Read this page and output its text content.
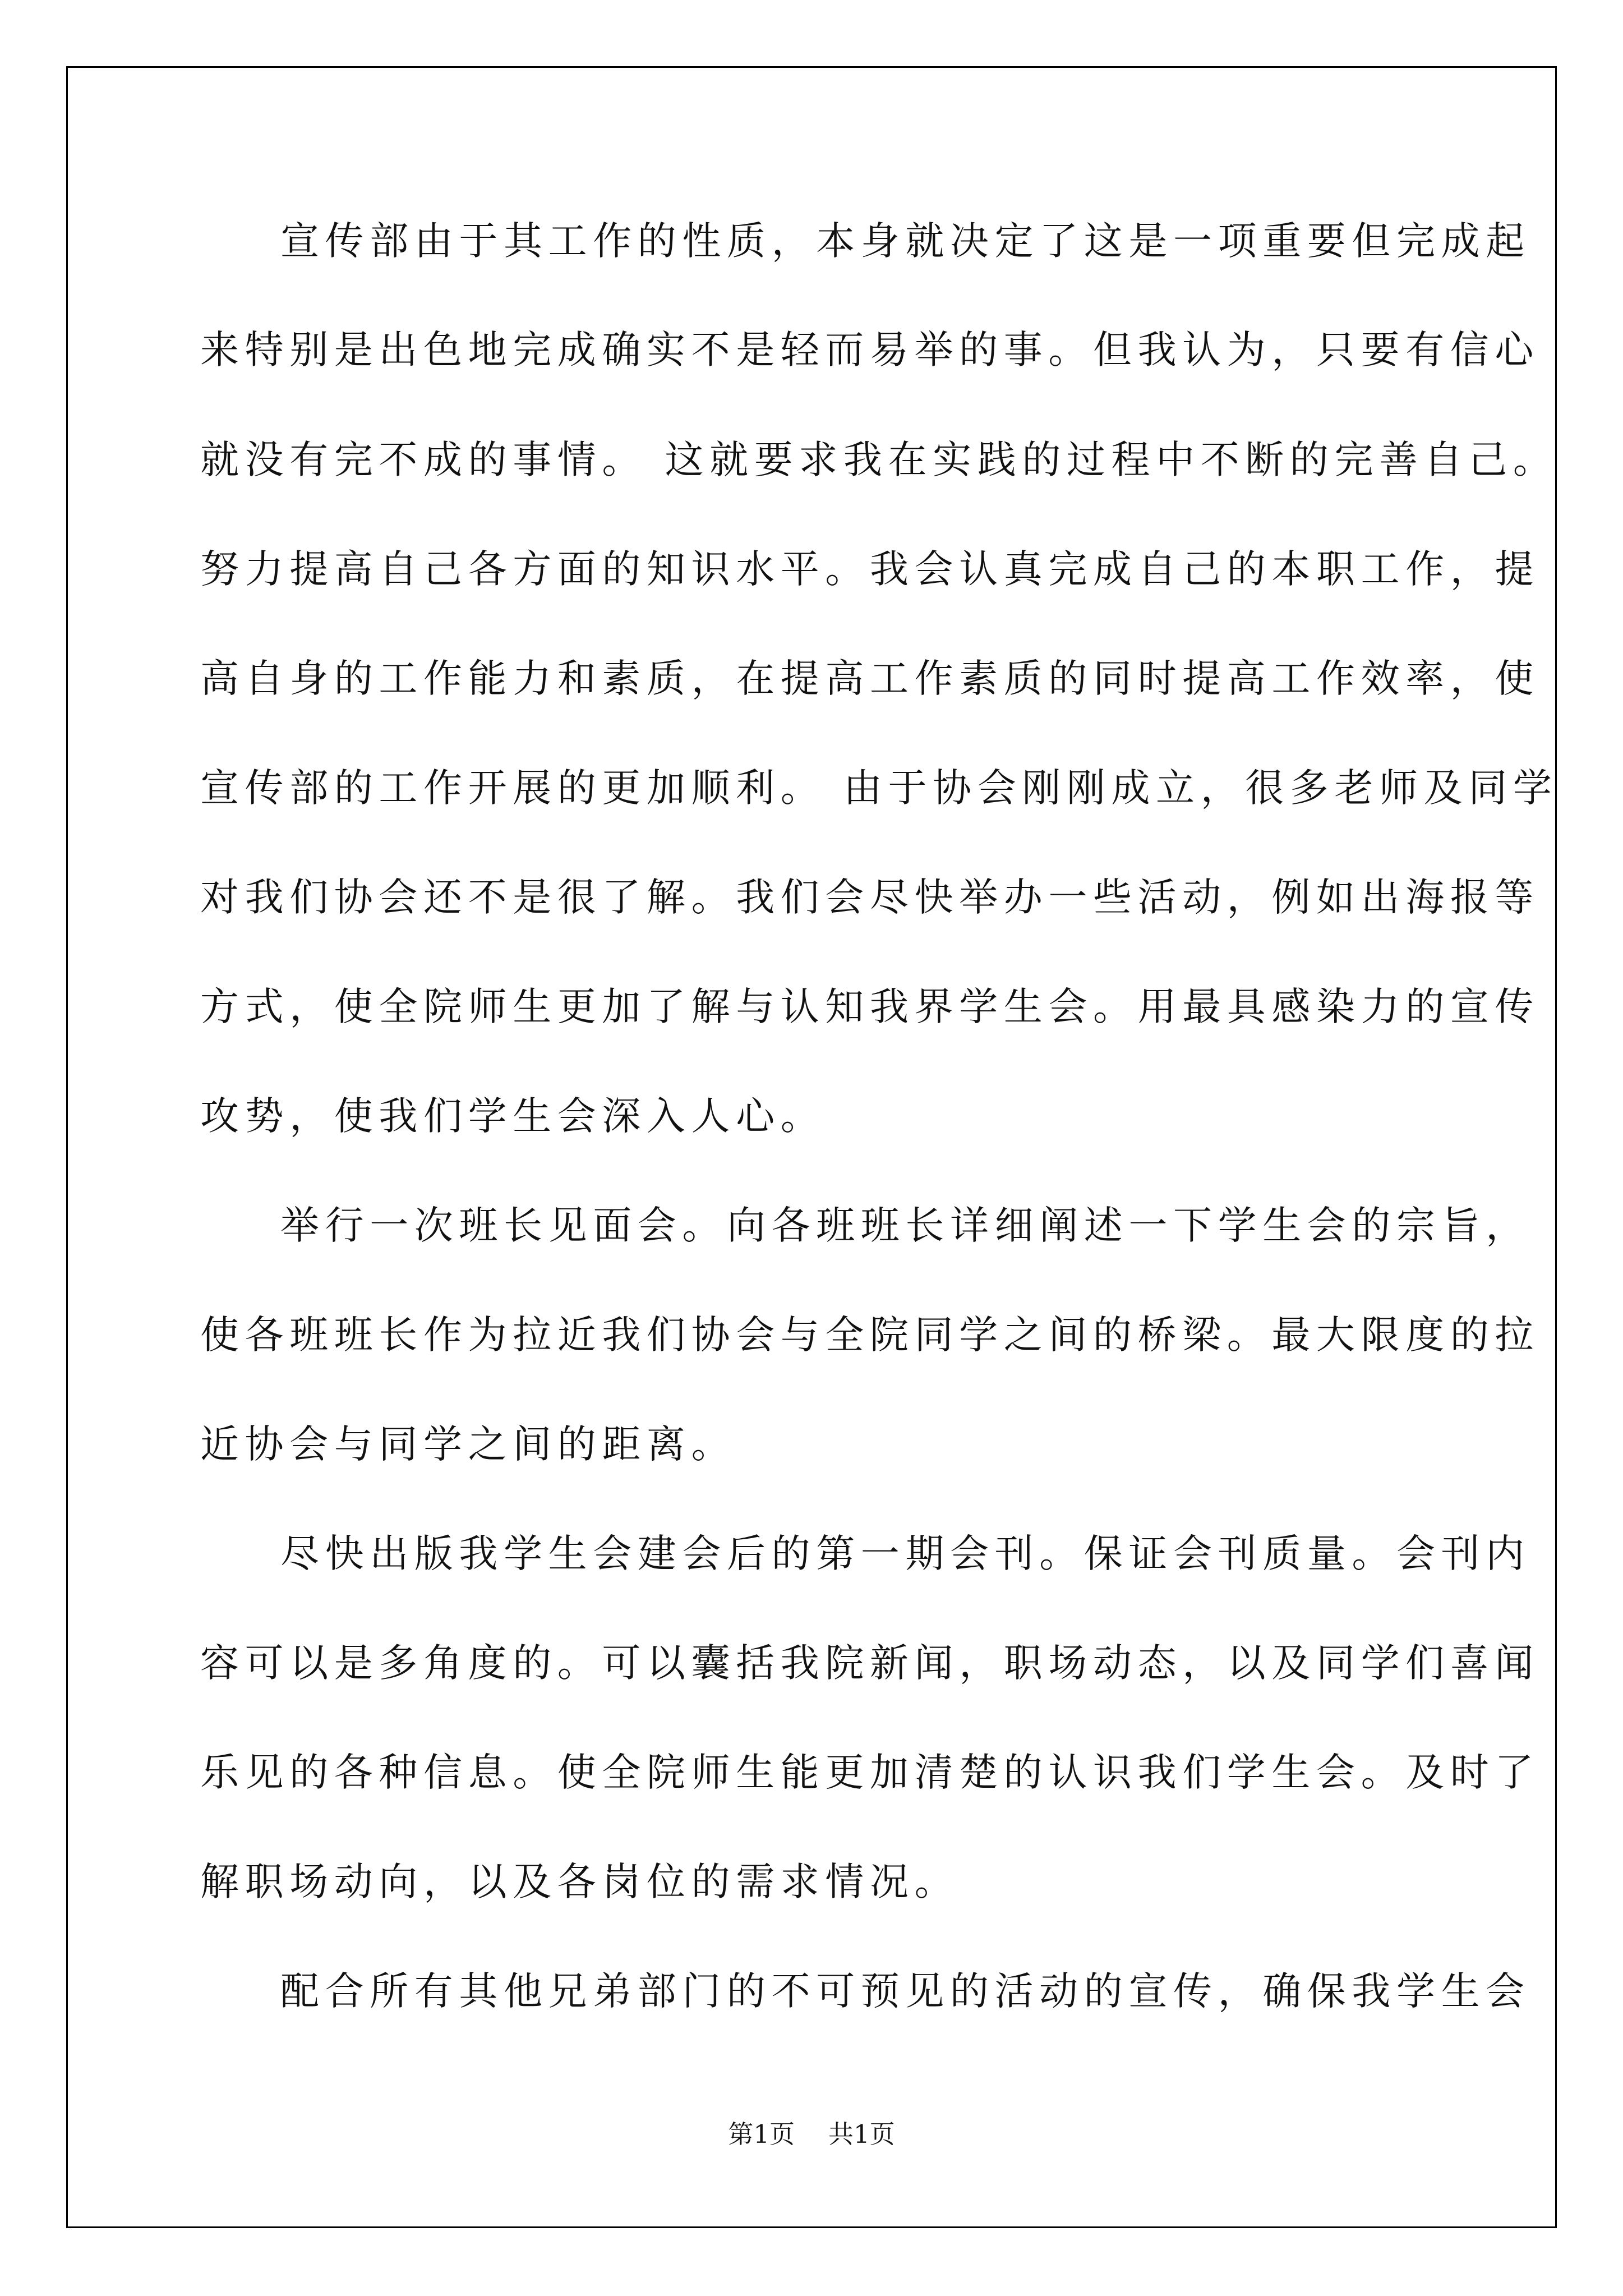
宣传部由于其工作的性质，本身就决定了这是一项重要但完成起

来特别是出色地完成确实不是轻而易举的事。但我认为，只要有信心

就没有完不成的事情。 这就要求我在实践的过程中不断的完善自己。

努力提高自己各方面的知识水平。我会认真完成自己的本职工作，提

高自身的工作能力和素质，在提高工作素质的同时提高工作效率，使

宣传部的工作开展的更加顺利。 由于协会刚刚成立，很多老师及同学

对我们协会还不是很了解。我们会尽快举办一些活动，例如出海报等

方式，使全院师生更加了解与认知我界学生会。用最具感染力的宣传

攻势，使我们学生会深入人心。

举行一次班长见面会。向各班班长详细阐述一下学生会的宗旨，

使各班班长作为拉近我们协会与全院同学之间的桥梁。最大限度的拉

近协会与同学之间的距离。

尽快出版我学生会建会后的第一期会刊。保证会刊质量。会刊内

容可以是多角度的。可以囊括我院新闻，职场动态，以及同学们喜闻

乐见的各种信息。使全院师生能更加清楚的认识我们学生会。及时了

解职场动向，以及各岗位的需求情况。

配合所有其他兄弟部门的不可预见的活动的宣传，确保我学生会

第1页 共1页
